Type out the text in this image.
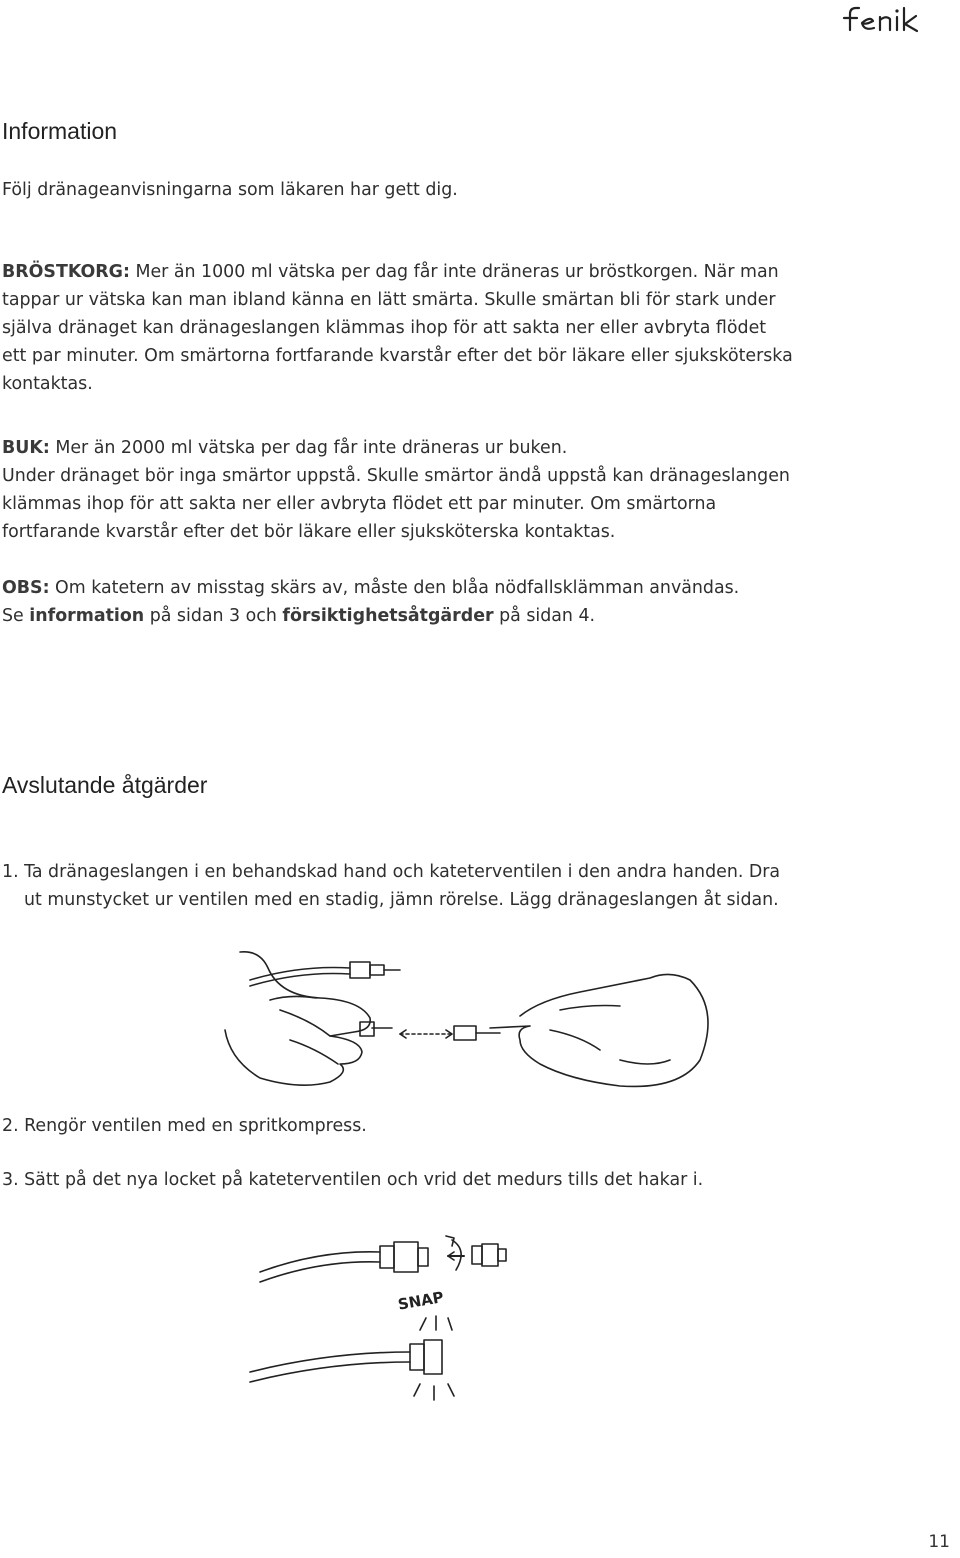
Information

Följ dränageanvisningarna som läkaren har gett dig.

BRÖSTKORG: Mer än 1000 ml vätska per dag får inte dräneras ur bröstkorgen. När man
tappar ur vätska kan man ibland känna en lätt smärta. Skulle smärtan bli för stark under
själva dränaget kan dränageslangen klämmas ihop för att sakta ner eller avbryta flödet
ett par minuter. Om smärtorna fortfarande kvarstår efter det bör läkare eller sjuksköterska
kontaktas.
BUK: Mer än 2000 ml vätska per dag får inte dräneras ur buken.
Under dränaget bör inga smärtor uppstå. Skulle smärtor ändå uppstå kan dränageslangen
klämmas ihop för att sakta ner eller avbryta flödet ett par minuter. Om smärtorna
fortfarande kvarstår efter det bör läkare eller sjuksköterska kontaktas.
OBS: Om katetern av misstag skärs av, måste den blåa nödfallsklämman användas.
Se information på sidan 3 och försiktighetsåtgärder på sidan 4.
Avslutande åtgärder
1. Ta dränageslangen i en behandskad hand och kateterventilen i den andra handen. Dra
ut munstycket ur ventilen med en stadig, jämn rörelse. Lägg dränageslangen åt sidan.

2. Rengör ventilen med en spritkompress.

3. Sätt på det nya locket på kateterventilen och vrid det medurs tills det hakar i.

SNAP
11
